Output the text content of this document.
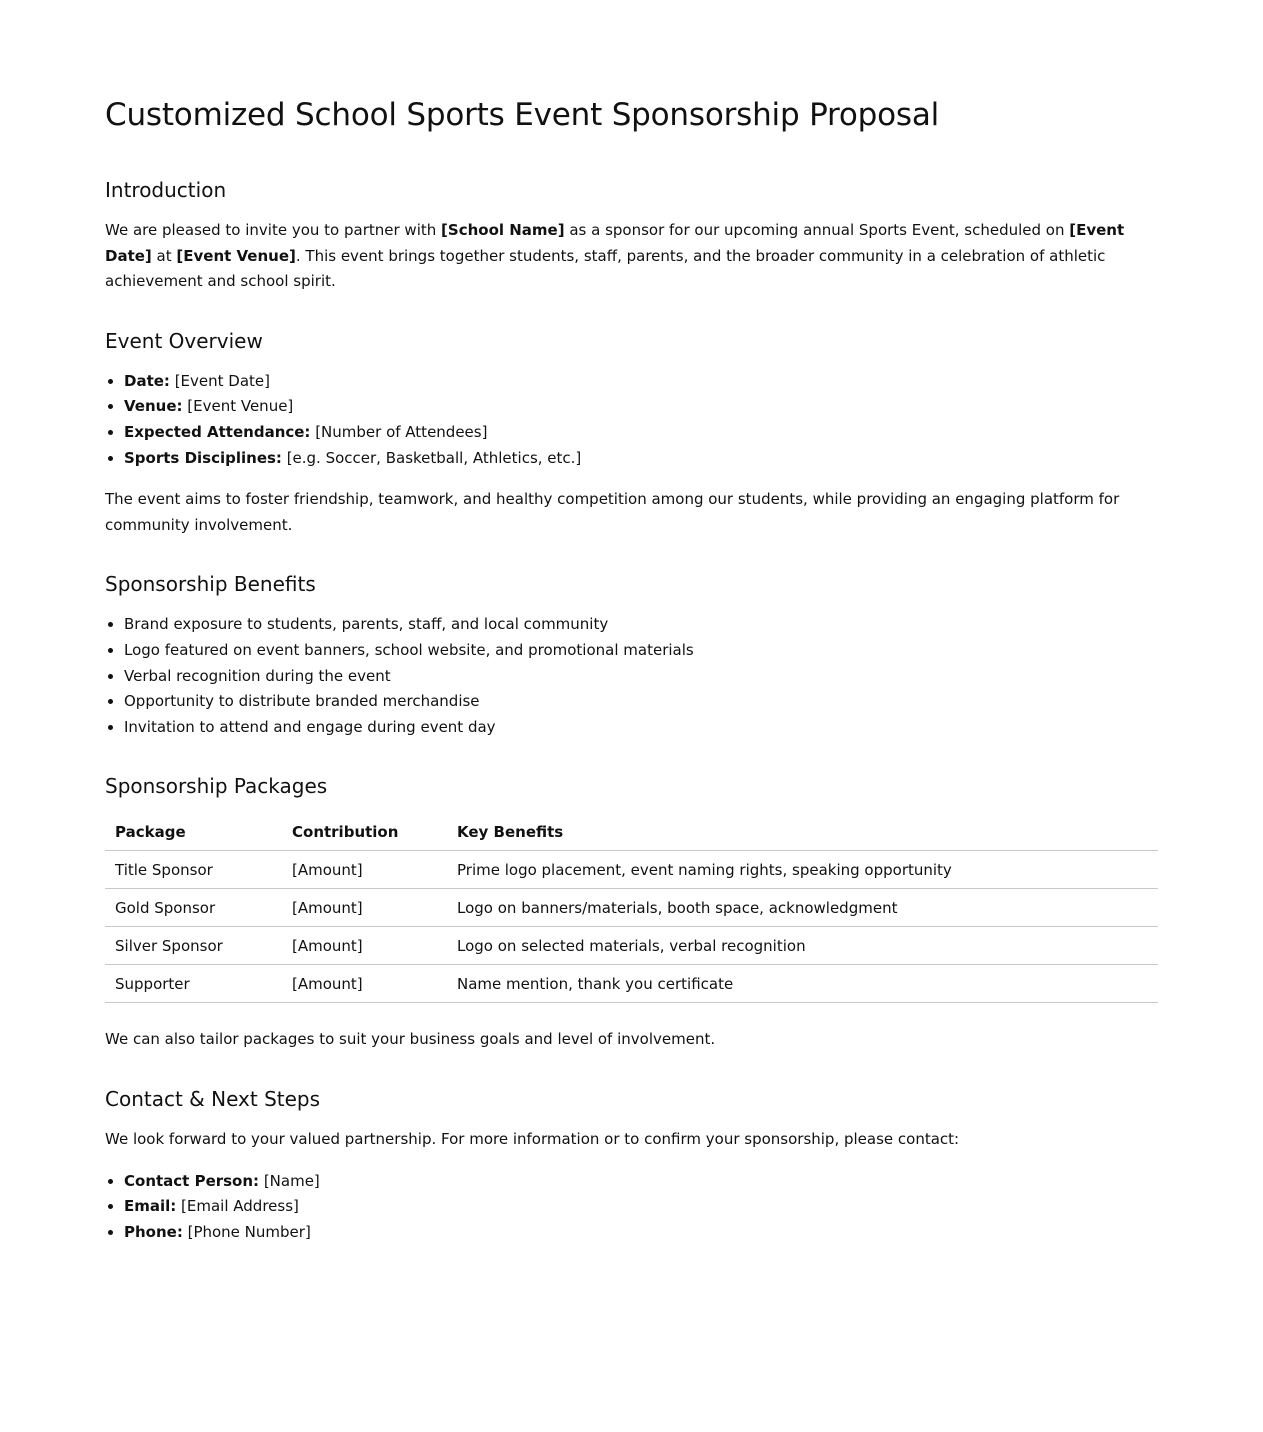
Customized School Sports Event Sponsorship Proposal
Introduction

We are pleased to invite you to partner with [School Name] as a sponsor for our upcoming annual Sports Event, scheduled on [Event Date] at [Event Venue]. This event brings together students, staff, parents, and the broader community in a celebration of athletic achievement and school spirit.

Event Overview
• Date: [Event Date]
• Venue: [Event Venue]
• Expected Attendance: [Number of Attendees]
• Sports Disciplines: [e.g. Soccer, Basketball, Athletics, etc.]

The event aims to foster friendship, teamwork, and healthy competition among our students, while providing an engaging platform for community involvement.

Sponsorship Benefits
• Brand exposure to students, parents, staff, and local community
• Logo featured on event banners, school website, and promotional materials
• Verbal recognition during the event
• Opportunity to distribute branded merchandise
• Invitation to attend and engage during event day
Sponsorship Packages
Package	Contribution	Key Benefits
Title Sponsor	[Amount]	Prime logo placement, event naming rights, speaking opportunity
Gold Sponsor	[Amount]	Logo on banners/materials, booth space, acknowledgment
Silver Sponsor	[Amount]	Logo on selected materials, verbal recognition
Supporter	[Amount]	Name mention, thank you certificate

We can also tailor packages to suit your business goals and level of involvement.

Contact & Next Steps

We look forward to your valued partnership. For more information or to confirm your sponsorship, please contact:

• Contact Person: [Name]
• Email: [Email Address]
• Phone: [Phone Number]
